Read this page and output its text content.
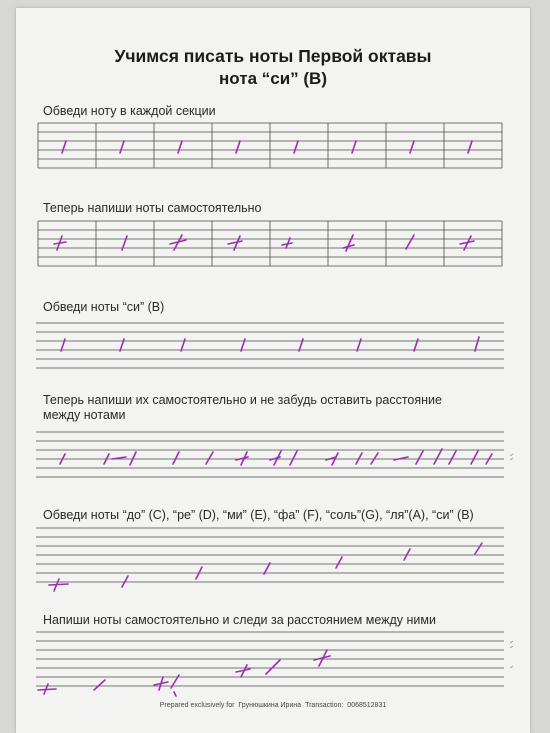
Учимся писать ноты Первой октавы
нота “си” (В)

Обведи ноту в каждой секции

Теперь напиши ноты самостоятельно

Обведи ноты “си” (В)

Теперь напиши их самостоятельно и не забудь оставить расстояние
между нотами

Обведи ноты “до” (С), “ре” (D), “ми” (Е), “фа” (F), “соль”(G), “ля”(А), “си” (В)

Напиши ноты самостоятельно и следи за расстоянием между ними

Prepared exclusively for Грунюшкина Ирина Transaction: 0068512831
